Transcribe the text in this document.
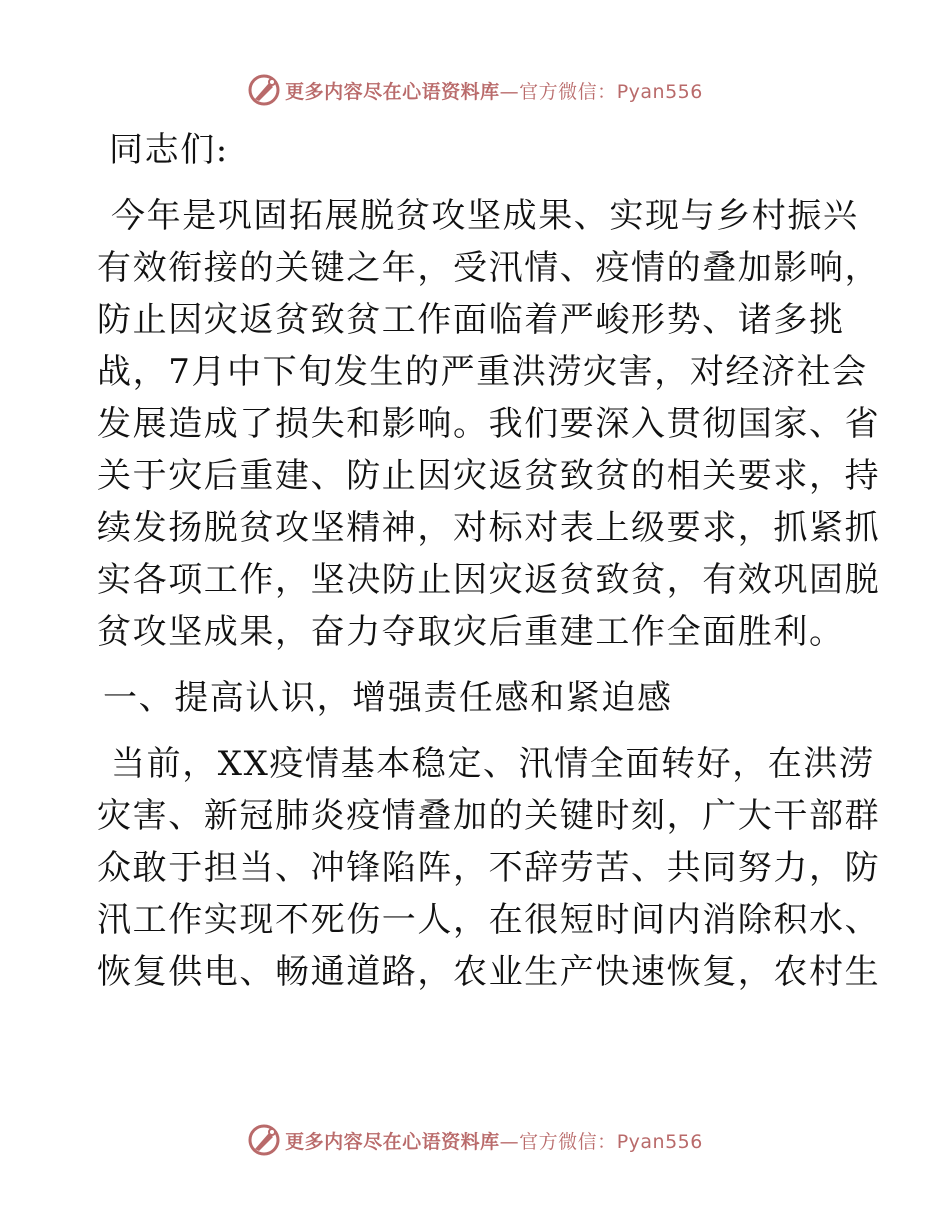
更多内容尽在心语资料库—官方微信：Pyan556

同志们:

今年是巩固拓展脱贫攻坚成果、实现与乡村振兴
有效衔接的关键之年，受汛情、疫情的叠加影响，
防止因灾返贫致贫工作面临着严峻形势、诸多挑
战，7月中下旬发生的严重洪涝灾害，对经济社会
发展造成了损失和影响。我们要深入贯彻国家、省
关于灾后重建、防止因灾返贫致贫的相关要求，持
续发扬脱贫攻坚精神，对标对表上级要求，抓紧抓
实各项工作，坚决防止因灾返贫致贫，有效巩固脱
贫攻坚成果，奋力夺取灾后重建工作全面胜利。

一、提高认识，增强责任感和紧迫感

当前，XX疫情基本稳定、汛情全面转好，在洪涝
灾害、新冠肺炎疫情叠加的关键时刻，广大干部群
众敢于担当、冲锋陷阵，不辞劳苦、共同努力，防
汛工作实现不死伤一人，在很短时间内消除积水、
恢复供电、畅通道路，农业生产快速恢复，农村生

更多内容尽在心语资料库—官方微信：Pyan556
